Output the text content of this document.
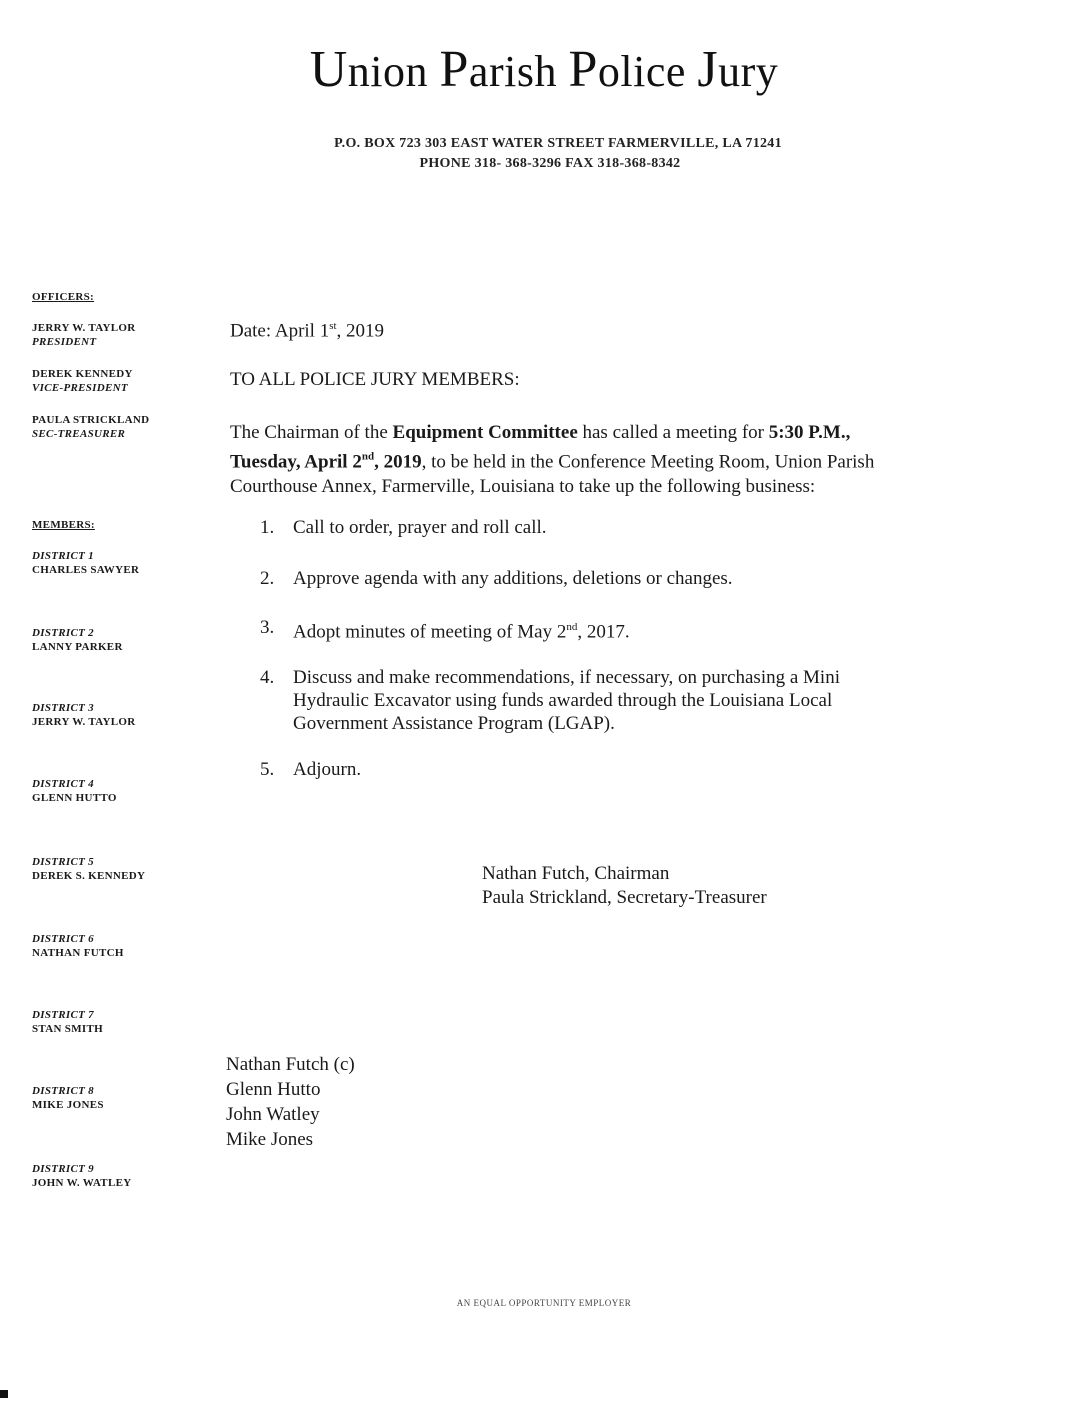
Union Parish Police Jury
P.O. BOX 723 303 EAST WATER STREET FARMERVILLE, LA 71241
PHONE 318- 368-3296 FAX 318-368-8342
OFFICERS:
JERRY W. TAYLOR
PRESIDENT
DEREK KENNEDY
VICE-PRESIDENT
PAULA STRICKLAND
SEC-TREASURER
MEMBERS:
DISTRICT 1
CHARLES SAWYER
DISTRICT 2
LANNY PARKER
DISTRICT 3
JERRY W. TAYLOR
DISTRICT 4
GLENN HUTTO
DISTRICT 5
DEREK S. KENNEDY
DISTRICT 6
NATHAN FUTCH
DISTRICT 7
STAN SMITH
DISTRICT 8
MIKE JONES
DISTRICT 9
JOHN W. WATLEY
Date: April 1st, 2019
TO ALL POLICE JURY MEMBERS:
The Chairman of the Equipment Committee has called a meeting for 5:30 P.M.,
Tuesday, April 2nd, 2019, to be held in the Conference Meeting Room, Union Parish
Courthouse Annex, Farmerville, Louisiana to take up the following business:
1. Call to order, prayer and roll call.
2. Approve agenda with any additions, deletions or changes.
3. Adopt minutes of meeting of May 2nd, 2017.
4. Discuss and make recommendations, if necessary, on purchasing a Mini
Hydraulic Excavator using funds awarded through the Louisiana Local
Government Assistance Program (LGAP).
5. Adjourn.
Nathan Futch, Chairman
Paula Strickland, Secretary-Treasurer
Nathan Futch (c)
Glenn Hutto
John Watley
Mike Jones
AN EQUAL OPPORTUNITY EMPLOYER
